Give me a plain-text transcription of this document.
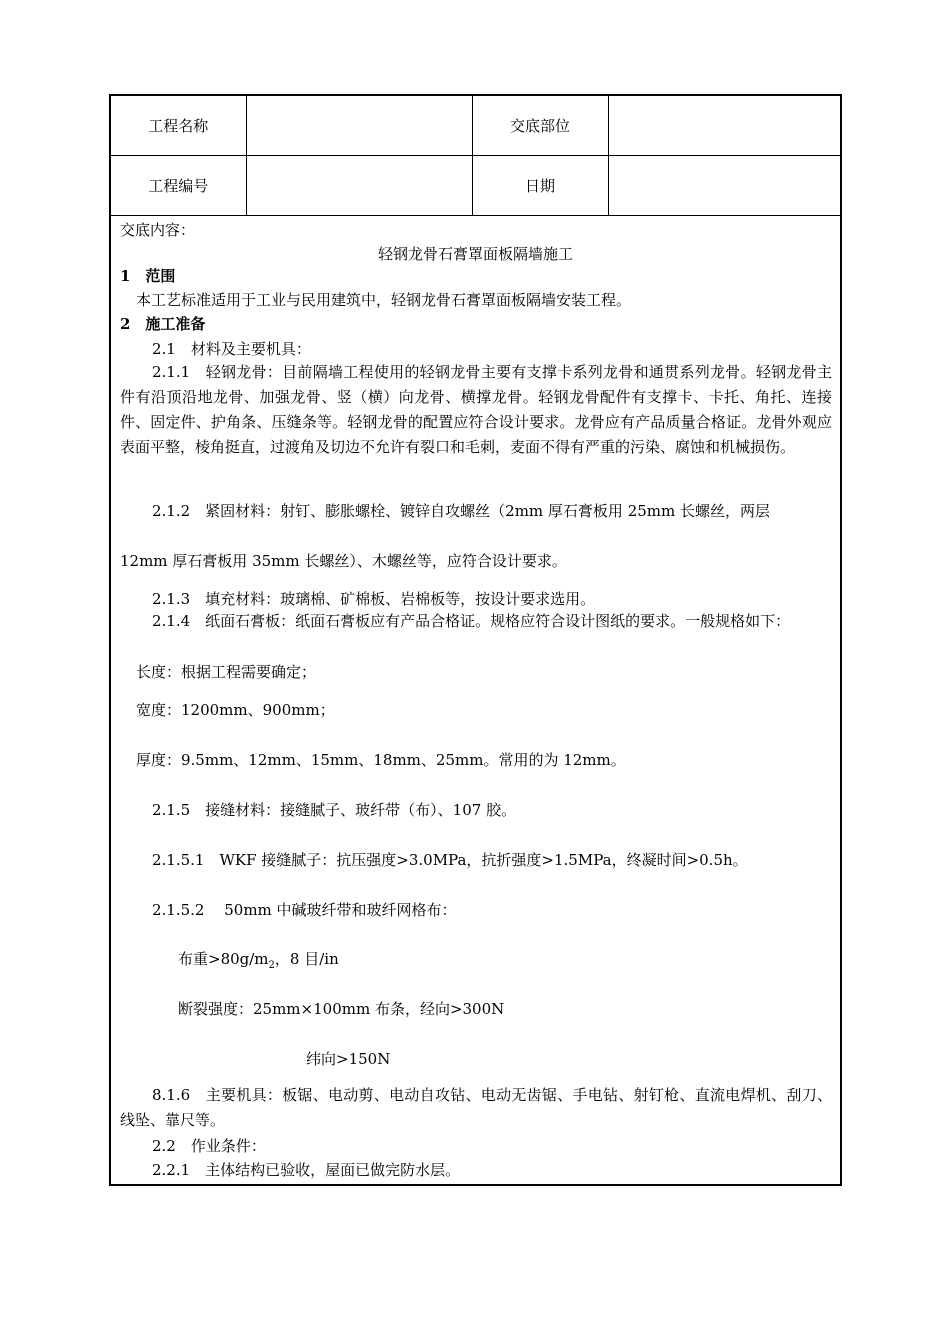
工程名称		交底部位	
工程编号		日期	
交底内容：
轻钢龙骨石膏罩面板隔墙施工
1　范围
本工艺标准适用于工业与民用建筑中，轻钢龙骨石膏罩面板隔墙安装工程。
2　施工准备
2.1　材料及主要机具：
2.1.1　轻钢龙骨：目前隔墙工程使用的轻钢龙骨主要有支撑卡系列龙骨和通贯系列龙骨。轻钢龙骨主件有沿顶沿地龙骨、加强龙骨、竖（横）向龙骨、横撑龙骨。轻钢龙骨配件有支撑卡、卡托、角托、连接件、固定件、护角条、压缝条等。轻钢龙骨的配置应符合设计要求。龙骨应有产品质量合格证。龙骨外观应表面平整，棱角挺直，过渡角及切边不允许有裂口和毛刺，麦面不得有严重的污染、腐蚀和机械损伤。
2.1.2　紧固材料：射钉、膨胀螺栓、镀锌自攻螺丝（2mm 厚石膏板用 25mm 长螺丝，两层
12mm 厚石膏板用 35mm 长螺丝）、木螺丝等，应符合设计要求。
2.1.3　填充材料：玻璃棉、矿棉板、岩棉板等，按设计要求选用。
2.1.4　纸面石膏板：纸面石膏板应有产品合格证。规格应符合设计图纸的要求。一般规格如下：
长度：根据工程需要确定；
宽度：1200mm、900mm；
厚度：9.5mm、12mm、15mm、18mm、25mm。常用的为 12mm。
2.1.5　接缝材料：接缝腻子、玻纤带（布）、107 胶。
2.1.5.1　WKF 接缝腻子：抗压强度>3.0MPa，抗折强度>1.5MPa，终凝时间>0.5h。
2.1.5.2　 50mm 中碱玻纤带和玻纤网格布：
布重$>80g/m_2$，8 目/in
断裂强度：25mm×100mm 布条，经向>300N
纬向>150N
8.1.6　主要机具：板锯、电动剪、电动自攻钻、电动无齿锯、手电钻、射钉枪、直流电焊机、刮刀、线坠、靠尺等。
2.2　作业条件：
2.2.1　主体结构已验收，屋面已做完防水层。
